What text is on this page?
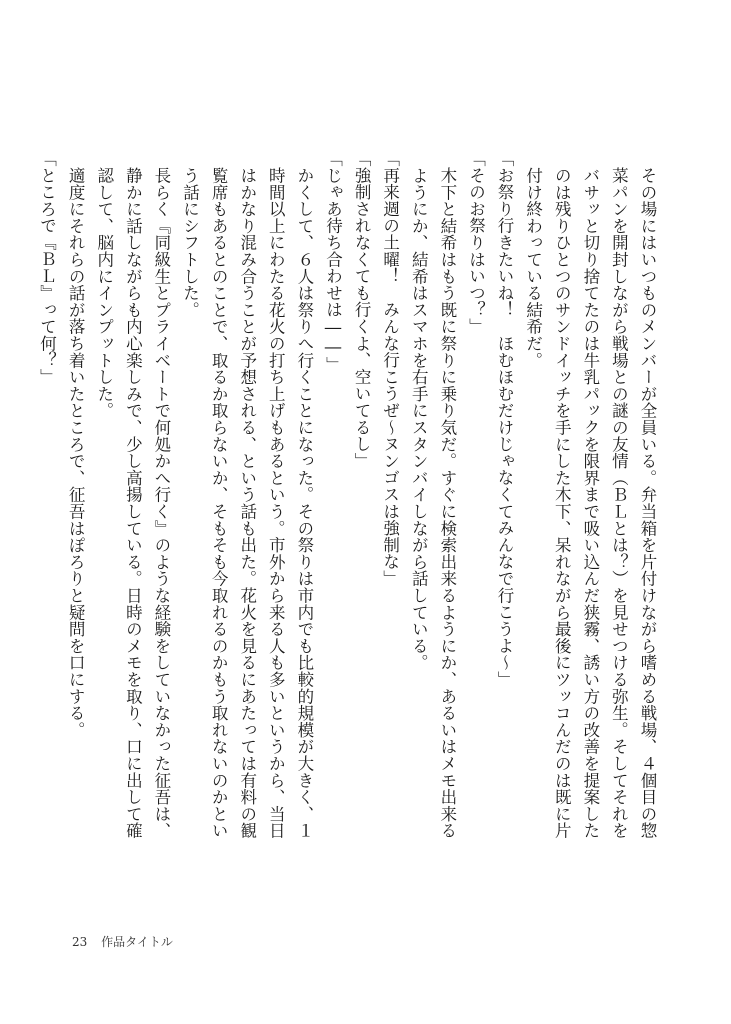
その場にはいつものメンバーが全員いる。弁当箱を片付けながら嗜める戦場、４個目の惣菜パンを開封しながら戦場との謎の友情（ＢＬとは？）を見せつける弥生。そしてそれをバサッと切り捨てたのは牛乳パックを限界まで吸い込んだ狭霧、誘い方の改善を提案したのは残りひとつのサンドイッチを手にした木下、呆れながら最後にツッコんだのは既に片付け終わっている結希だ。

「お祭り行きたいね！　ほむほむだけじゃなくてみんなで行こうよ〜」

「そのお祭りはいつ？」

木下と結希はもう既に祭りに乗り気だ。すぐに検索出来るようにか、あるいはメモ出来るようにか、結希はスマホを右手にスタンバイしながら話している。

「再来週の土曜！　みんな行こうぜ〜ヌンゴスは強制な」

「強制されなくても行くよ、空いてるし」

「じゃあ待ち合わせは――」

かくして、６人は祭りへ行くことになった。その祭りは市内でも比較的規模が大きく、１時間以上にわたる花火の打ち上げもあるという。市外から来る人も多いというから、当日はかなり混み合うことが予想される、という話も出た。花火を見るにあたっては有料の観覧席もあるとのことで、取るか取らないか、そもそも今取れるのかもう取れないのかという話にシフトした。

長らく『同級生とプライベートで何処かへ行く』のような経験をしていなかった征吾は、静かに話しながらも内心楽しみで、少し高揚している。日時のメモを取り、口に出して確認して、脳内にインプットした。

適度にそれらの話が落ち着いたところで、征吾はぽろりと疑問を口にする。

「ところで『ＢＬ』って何？」

23 作品タイトル
